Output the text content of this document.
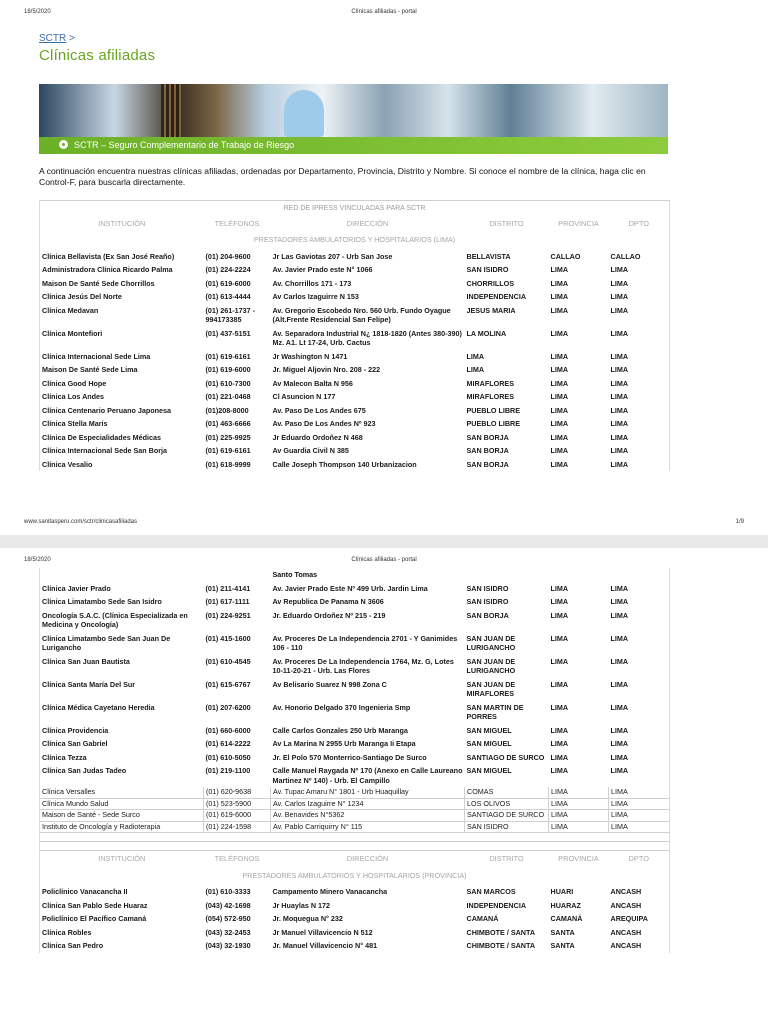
18/5/2020	Clínicas afiliadas - portal
SCTR >
Clínicas afiliadas
SCTR – Seguro Complementario de Trabajo de Riesgo
A continuación encuentra nuestras clínicas afiliadas, ordenadas por Departamento, Provincia, Distrito y Nombre. Si conoce el nombre de la clínica, haga clic en Control-F, para buscarla directamente.
RED DE IPRESS VINCULADAS PARA SCTR					
INSTITUCIÓN	TELÉFONOS	DIRECCIÓN	DISTRITO	PROVINCIA	DPTO
PRESTADORES AMBULATORIOS Y HOSPITALARIOS (LIMA)					
Clínica Bellavista (Ex San José Reaño)	(01) 204-9600	Jr Las Gaviotas 207 - Urb San Jose	BELLAVISTA	CALLAO	CALLAO
Administradora Clínica Ricardo Palma	(01) 224-2224	Av. Javier Prado este N° 1066	SAN ISIDRO	LIMA	LIMA
Maison De Santé Sede Chorrillos	(01) 619-6000	Av. Chorrillos 171 - 173	CHORRILLOS	LIMA	LIMA
Clínica Jesús Del Norte	(01) 613-4444	Av Carlos Izaguirre N 153	INDEPENDENCIA	LIMA	LIMA
Clínica Medavan	(01) 261-1737 - 994173385	Av. Gregorio Escobedo Nro. 560 Urb. Fundo Oyague (Alt.Frente Residencial San Felipe)	JESUS MARIA	LIMA	LIMA
Clínica Montefiori	(01) 437-5151	Av. Separadora Industrial N¿ 1818-1820 (Antes 380-390) Mz. A1. Lt 17-24, Urb. Cactus	LA MOLINA	LIMA	LIMA
Clínica Internacional Sede Lima	(01) 619-6161	Jr Washington N 1471	LIMA	LIMA	LIMA
Maison De Santé Sede Lima	(01) 619-6000	Jr. Miguel Aljovin Nro. 208 - 222	LIMA	LIMA	LIMA
Clínica Good Hope	(01) 610-7300	Av Malecon Balta N 956	MIRAFLORES	LIMA	LIMA
Clínica Los Andes	(01) 221-0468	Cl Asuncion N 177	MIRAFLORES	LIMA	LIMA
Clínica Centenario Peruano Japonesa	(01)208-8000	Av. Paso De Los Andes 675	PUEBLO LIBRE	LIMA	LIMA
Clínica Stella Maris	(01) 463-6666	Av. Paso De Los Andes Nº 923	PUEBLO LIBRE	LIMA	LIMA
Clínica De Especialidades Médicas	(01) 225-9925	Jr Eduardo Ordoñez N 468	SAN BORJA	LIMA	LIMA
Clínica Internacional Sede San Borja	(01) 619-6161	Av Guardia Civil N 385	SAN BORJA	LIMA	LIMA
Clínica Vesalio	(01) 618-9999	Calle Joseph Thompson 140 Urbanizacion	SAN BORJA	LIMA	LIMA
www.sanitasperu.com/sctr/clinicasafiliadas	1/9
18/5/2020	Clínicas afiliadas - portal
		Santo Tomas			
Clínica Javier Prado	(01) 211-4141	Av. Javier Prado Este Nº 499 Urb. Jardin Lima	SAN ISIDRO	LIMA	LIMA
Clínica Limatambo Sede San Isidro	(01) 617-1111	Av Republica De Panama N 3606	SAN ISIDRO	LIMA	LIMA
Oncología S.A.C. (Clínica Especializada en Medicina y Oncología)	(01) 224-9251	Jr. Eduardo Ordoñez Nº 215 - 219	SAN BORJA	LIMA	LIMA
Clínica Limatambo Sede San Juan De Lurigancho	(01) 415-1600	Av. Proceres De La Independencia 2701 - Y Ganimides 106 - 110	SAN JUAN DE LURIGANCHO	LIMA	LIMA
Clínica San Juan Bautista	(01) 610-4545	Av. Proceres De La Independencia 1764, Mz. G, Lotes 10-11-20-21 - Urb. Las Flores	SAN JUAN DE LURIGANCHO	LIMA	LIMA
Clínica Santa María Del Sur	(01) 615-6767	Av Belisario Suarez N 998 Zona C	SAN JUAN DE MIRAFLORES	LIMA	LIMA
Clínica Médica Cayetano Heredia	(01) 207-6200	Av. Honorio Delgado 370 Ingenieria Smp	SAN MARTIN DE PORRES	LIMA	LIMA
Clínica Providencia	(01) 660-6000	Calle Carlos Gonzales 250 Urb Maranga	SAN MIGUEL	LIMA	LIMA
Clínica San Gabriel	(01) 614-2222	Av La Marina N 2955 Urb Maranga Ii Etapa	SAN MIGUEL	LIMA	LIMA
Clínica Tezza	(01) 610-5050	Jr. El Polo 570 Monterrico-Santiago De Surco	SANTIAGO DE SURCO	LIMA	LIMA
Clínica San Judas Tadeo	(01) 219-1100	Calle Manuel Raygada Nº 170 (Anexo en Calle Laureano Martinez Nº 140) - Urb. El Campillo	SAN MIGUEL	LIMA	LIMA
Clínica Versalles	(01) 620-9638	Av. Tupac Amaru N° 1801 - Urb Huaquillay	COMAS	LIMA	LIMA
Clínica Mundo Salud	(01) 523-5900	Av. Carlos Izaguirre N° 1234	LOS OLIVOS	LIMA	LIMA
Maison de Santé - Sede Surco	(01) 619-6000	Av. Benavides N°5362	SANTIAGO DE SURCO	LIMA	LIMA
Instituto de Oncología y Radioterapia	(01) 224-1598	Av. Pablo Carriquirry N° 115	SAN ISIDRO	LIMA	LIMA

INSTITUCIÓN	TELÉFONOS	DIRECCIÓN	DISTRITO	PROVINCIA	DPTO
PRESTADORES AMBULATORIOS Y HOSPITALARIOS (PROVINCIA)					
Policlínico Vanacancha II	(01) 610-3333	Campamento Minero Vanacancha	SAN MARCOS	HUARI	ANCASH
Clínica San Pablo Sede Huaraz	(043) 42-1698	Jr Huaylas N 172	INDEPENDENCIA	HUARAZ	ANCASH
Policlínico El Pacífico Camaná	(054) 572-950	Jr. Moquegua N° 232	CAMANÁ	CAMANÁ	AREQUIPA
Clínica Robles	(043) 32-2453	Jr Manuel Villavicencio N 512	CHIMBOTE / SANTA	SANTA	ANCASH
Clínica San Pedro	(043) 32-1930	Jr. Manuel Villavicencio N° 481	CHIMBOTE / SANTA	SANTA	ANCASH
